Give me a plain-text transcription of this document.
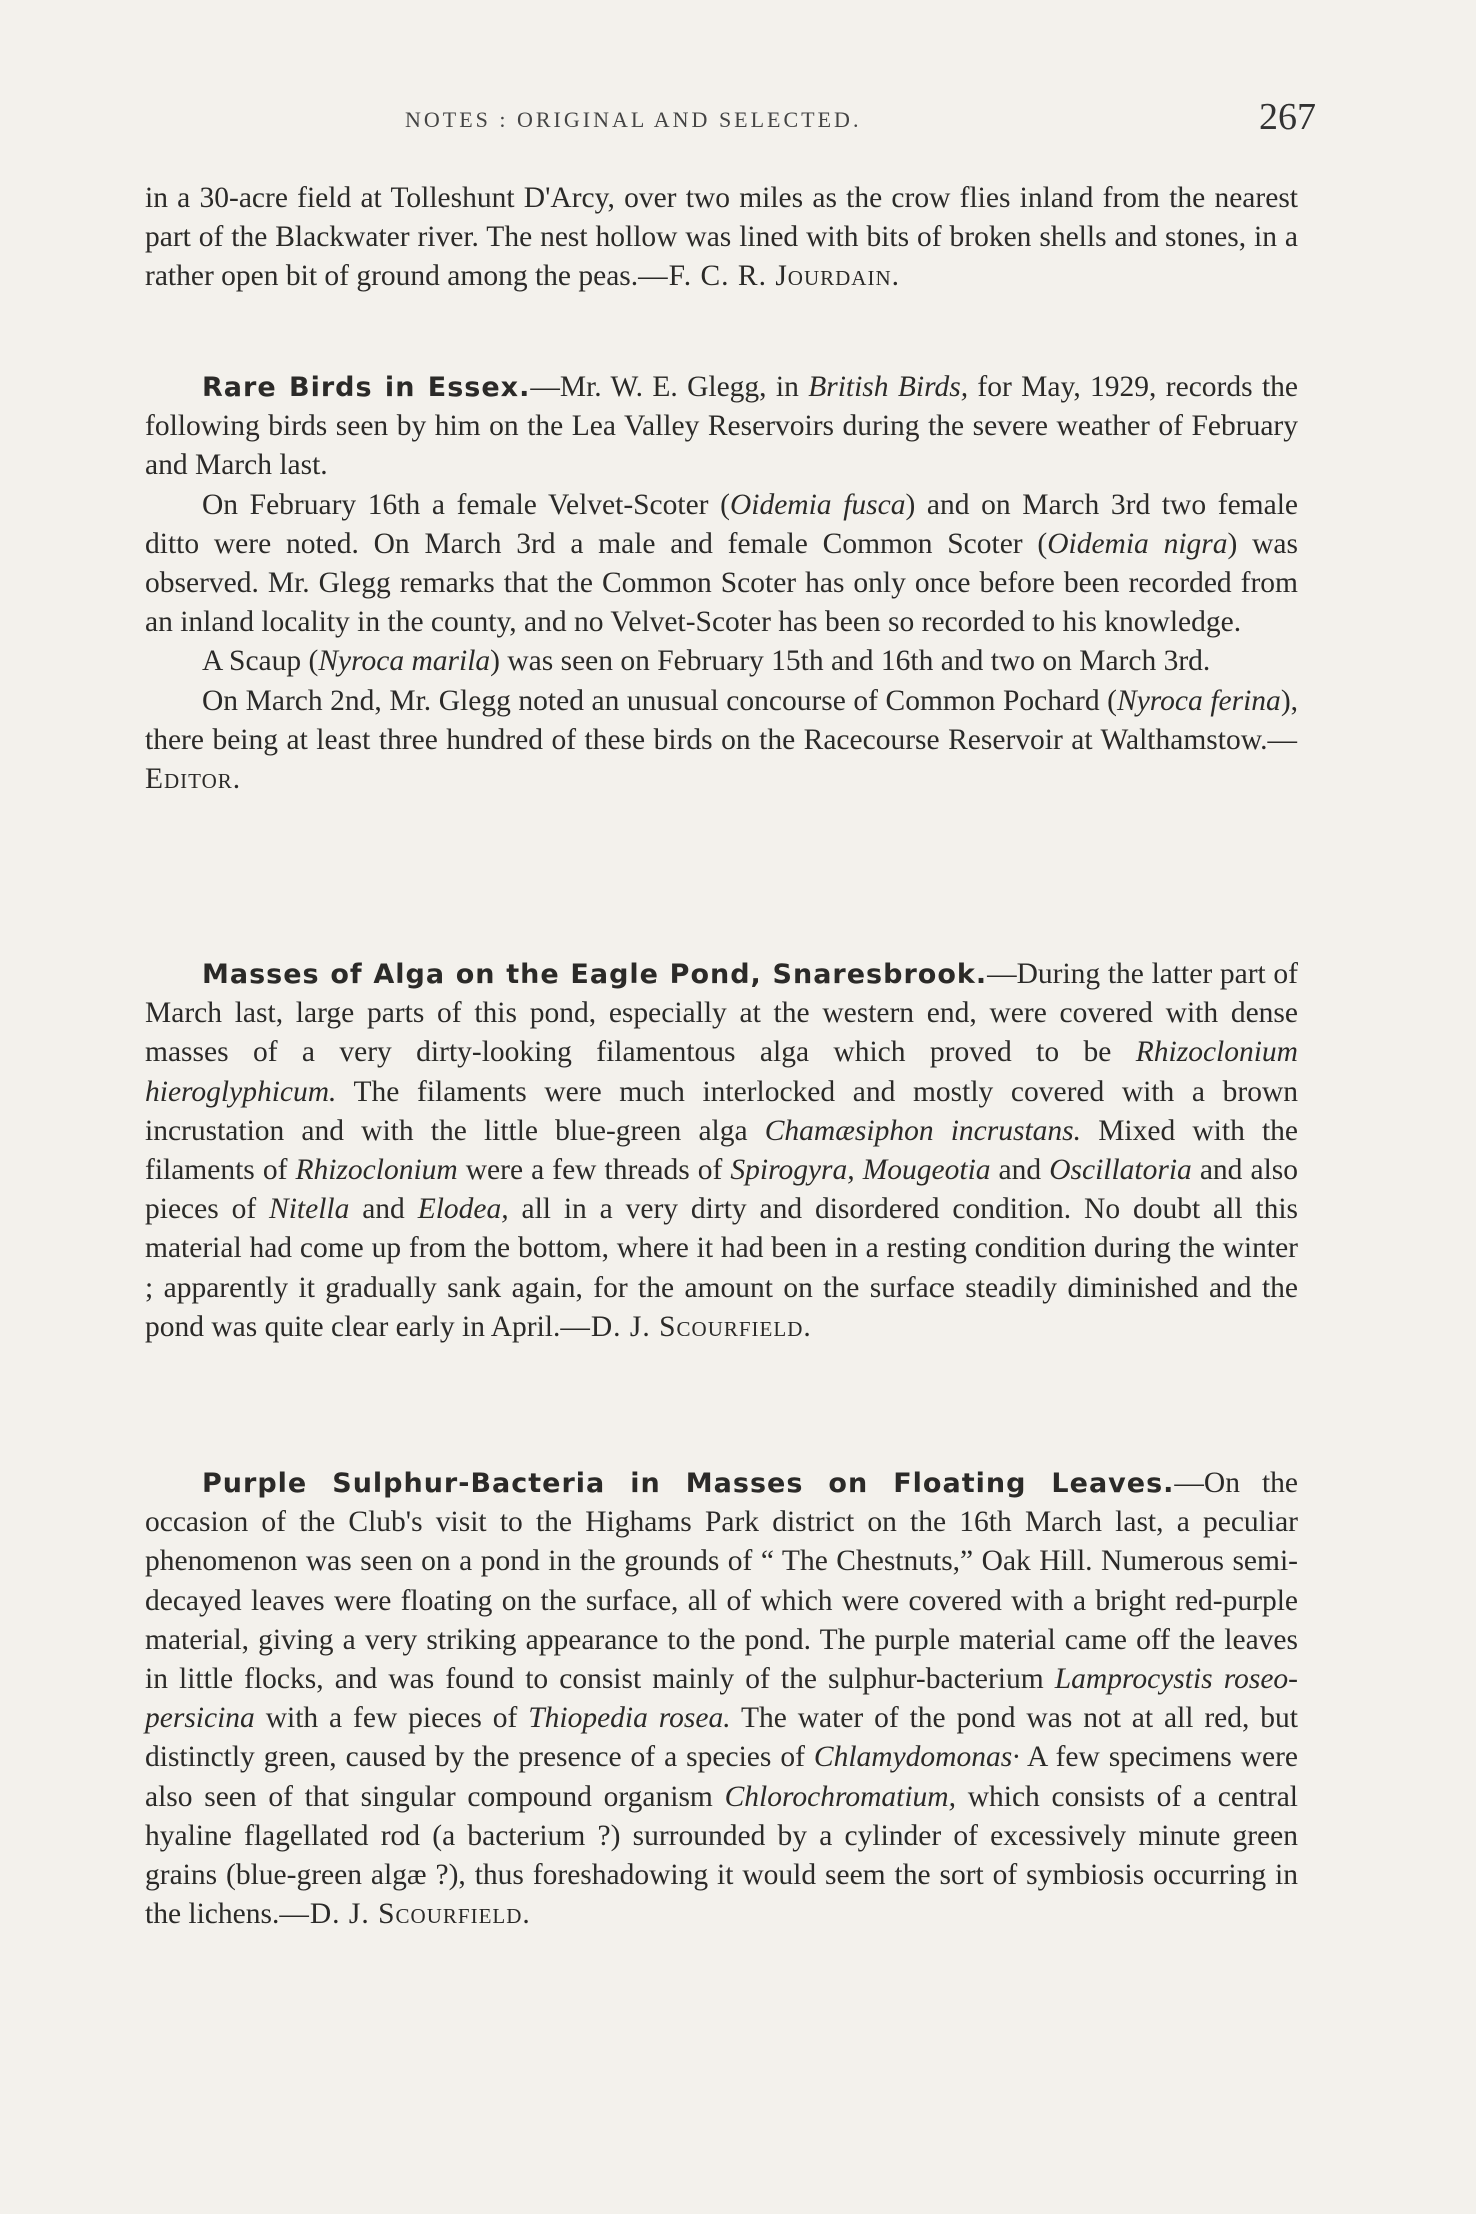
NOTES : ORIGINAL AND SELECTED.	267

in a 30-acre field at Tolleshunt D'Arcy, over two miles as the crow flies inland from the nearest part of the Blackwater river. The nest hollow was lined with bits of broken shells and stones, in a rather open bit of ground among the peas.—F. C. R. Jourdain.

Rare Birds in Essex.—Mr. W. E. Glegg, in British Birds, for May, 1929, records the following birds seen by him on the Lea Valley Reservoirs during the severe weather of February and March last.

On February 16th a female Velvet-Scoter (Oidemia fusca) and on March 3rd two female ditto were noted. On March 3rd a male and female Common Scoter (Oidemia nigra) was observed. Mr. Glegg remarks that the Common Scoter has only once before been recorded from an inland locality in the county, and no Velvet-Scoter has been so recorded to his knowledge.

A Scaup (Nyroca marila) was seen on February 15th and 16th and two on March 3rd.

On March 2nd, Mr. Glegg noted an unusual concourse of Common Pochard (Nyroca ferina), there being at least three hundred of these birds on the Racecourse Reservoir at Walthamstow.—Editor.

Masses of Alga on the Eagle Pond, Snaresbrook.—During the latter part of March last, large parts of this pond, especially at the western end, were covered with dense masses of a very dirty-looking filamentous alga which proved to be Rhizoclonium hieroglyphicum. The filaments were much interlocked and mostly covered with a brown incrustation and with the little blue-green alga Chamæsiphon incrustans. Mixed with the filaments of Rhizoclonium were a few threads of Spirogyra, Mougeotia and Oscillatoria and also pieces of Nitella and Elodea, all in a very dirty and disordered condition. No doubt all this material had come up from the bottom, where it had been in a resting condition during the winter ; apparently it gradually sank again, for the amount on the surface steadily diminished and the pond was quite clear early in April.—D. J. Scourfield.

Purple Sulphur-Bacteria in Masses on Floating Leaves.—On the occasion of the Club's visit to the Highams Park district on the 16th March last, a peculiar phenomenon was seen on a pond in the grounds of “ The Chestnuts,” Oak Hill. Numerous semi-decayed leaves were floating on the surface, all of which were covered with a bright red-purple material, giving a very striking appearance to the pond. The purple material came off the leaves in little flocks, and was found to consist mainly of the sulphur-bacterium Lamprocystis roseo-persicina with a few pieces of Thiopedia rosea. The water of the pond was not at all red, but distinctly green, caused by the presence of a species of Chlamydomonas· A few specimens were also seen of that singular compound organism Chlorochromatium, which consists of a central hyaline flagellated rod (a bacterium ?) surrounded by a cylinder of excessively minute green grains (blue-green algæ ?), thus foreshadowing it would seem the sort of symbiosis occurring in the lichens.—D. J. Scourfield.
